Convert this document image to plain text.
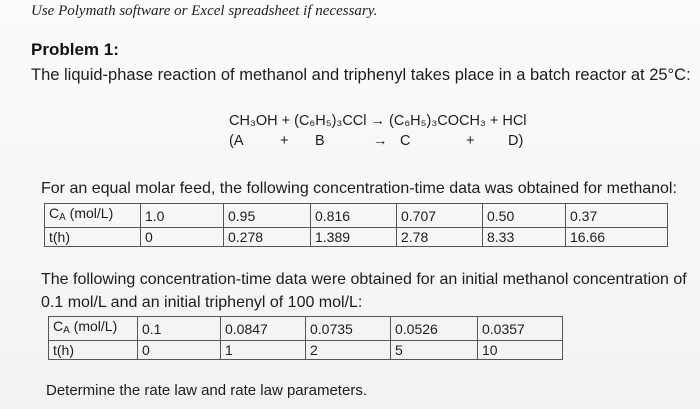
Use Polymath software or Excel spreadsheet if necessary.
Problem 1:
The liquid-phase reaction of methanol and triphenyl takes place in a batch reactor at 25°C:
CH₃OH + (C₆H₅)₃CCl → (C₆H₅)₃COCH₃ + HCl
(A	+ B	→ C	+ D)
For an equal molar feed, the following concentration-time data was obtained for methanol:
$C_A$ (mol/L)	1.0	0.95	0.816	0.707	0.50	0.37
t(h)	0	0.278	1.389	2.78	8.33	16.66
The following concentration-time data were obtained for an initial methanol concentration of 0.1 mol/L and an initial triphenyl of 100 mol/L:
$C_A$ (mol/L)	0.1	0.0847	0.0735	0.0526	0.0357
t(h)	0	1	2	5	10
Determine the rate law and rate law parameters.
